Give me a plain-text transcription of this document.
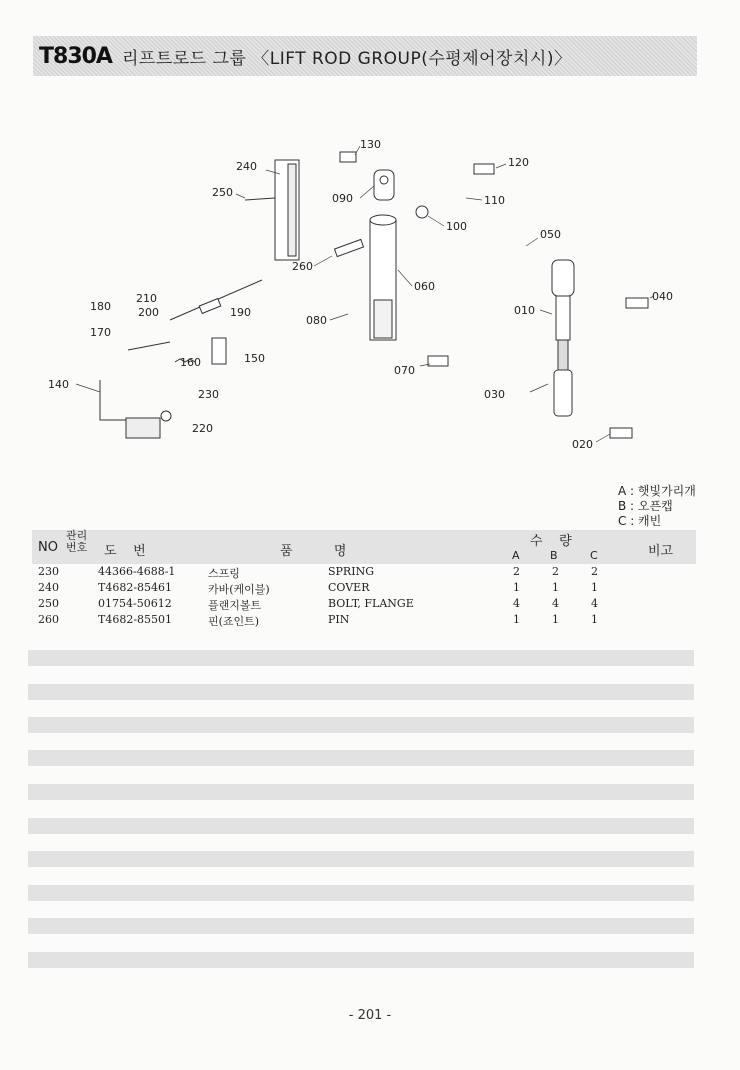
T830A 리프트로드 그룹 〈LIFT ROD GROUP(수평제어장치시)〉
130
120
240
250	090	110
100
050
260
060
210
180 200	190
040
010
080
170
160	150
070
140
230	030
220
020
A : 햇빛가리개
B : 오픈캡
C : 캐빈
NO
관리
번호	도    번	품          명
수    량
A	B	C	비고
230	44366-4688-1	스프링	SPRING	2	2	2
240	T4682-85461	카바(케이블)	COVER	1	1	1
250	01754-50612	플랜지볼트	BOLT, FLANGE	4	4	4
260	T4682-85501	핀(죠인트)	PIN	1	1	1
- 201 -
